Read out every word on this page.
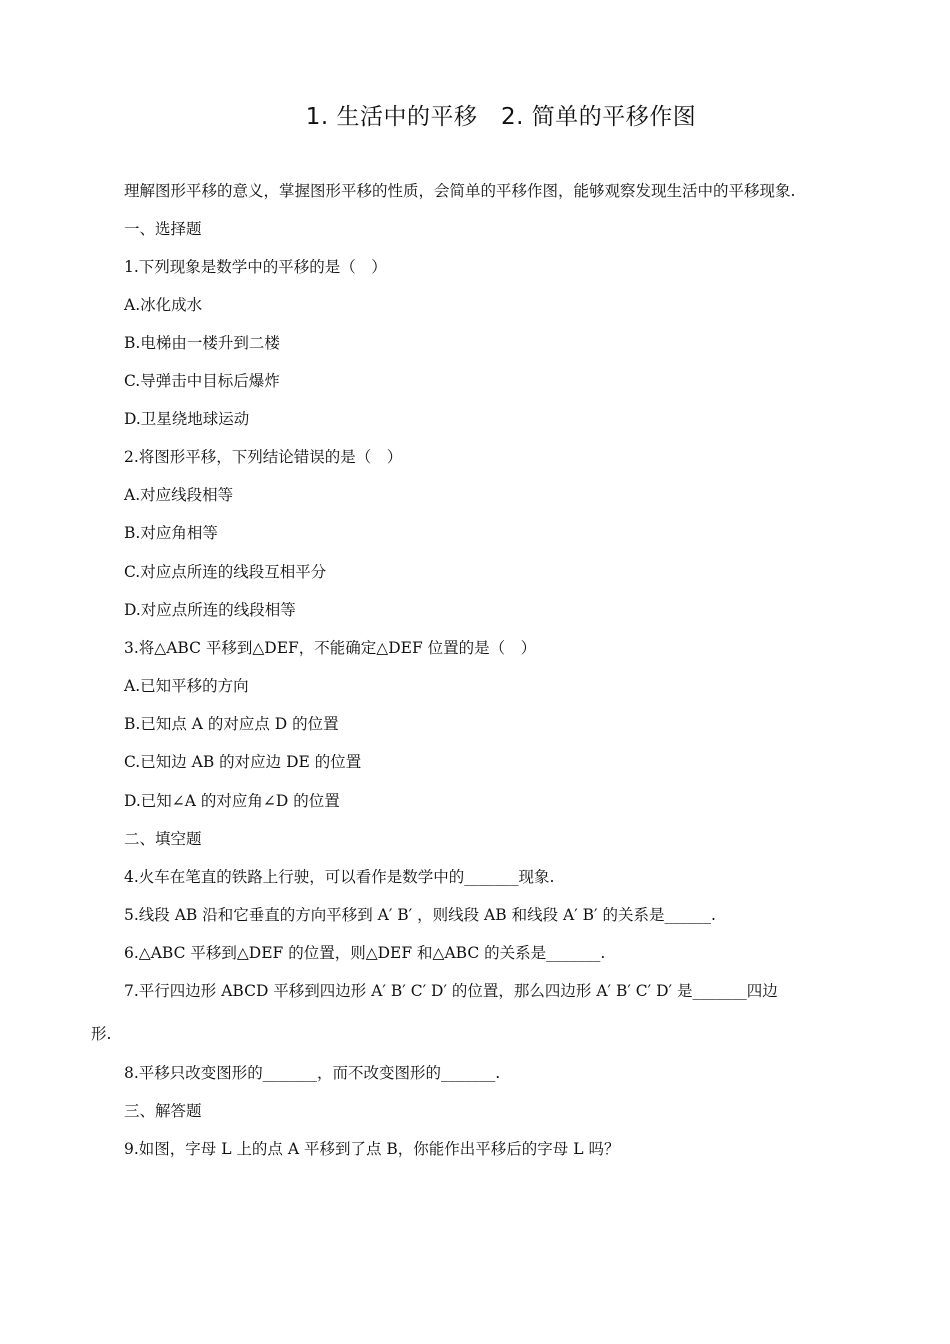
1. 生活中的平移　2. 简单的平移作图
理解图形平移的意义，掌握图形平移的性质，会简单的平移作图，能够观察发现生活中的平移现象.
一、选择题
1.下列现象是数学中的平移的是（　）
A.冰化成水
B.电梯由一楼升到二楼
C.导弹击中目标后爆炸
D.卫星绕地球运动
2.将图形平移，下列结论错误的是（　）
A.对应线段相等
B.对应角相等
C.对应点所连的线段互相平分
D.对应点所连的线段相等
3.将△ABC 平移到△DEF，不能确定△DEF 位置的是（　）
A.已知平移的方向
B.已知点 A 的对应点 D 的位置
C.已知边 AB 的对应边 DE 的位置
D.已知∠A 的对应角∠D 的位置
二、填空题
4.火车在笔直的铁路上行驶，可以看作是数学中的_______现象.
5.线段 AB 沿和它垂直的方向平移到 A′ B′ ，则线段 AB 和线段 A′ B′ 的关系是______.
6.△ABC 平移到△DEF 的位置，则△DEF 和△ABC 的关系是_______.
7.平行四边形 ABCD 平移到四边形 A′ B′ C′ D′ 的位置，那么四边形 A′ B′ C′ D′ 是_______四边
形.
8.平移只改变图形的_______，而不改变图形的_______.
三、解答题
9.如图，字母 L 上的点 A 平移到了点 B，你能作出平移后的字母 L 吗？
